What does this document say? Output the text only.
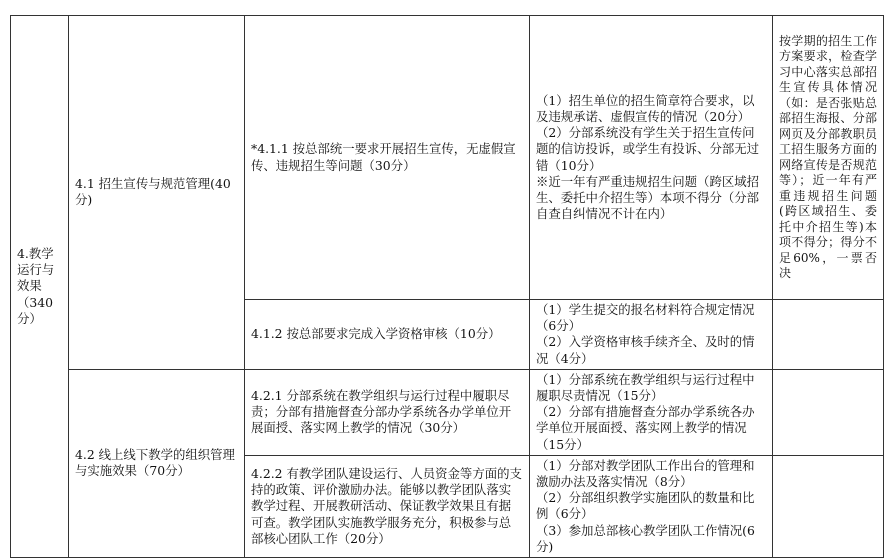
4.教学运行与效果（340分）	4.1 招生宣传与规范管理(40分)	*4.1.1 按总部统一要求开展招生宣传，无虚假宣传、违规招生等问题（30分）	（1）招生单位的招生简章符合要求，以及违规承诺、虚假宣传的情况（20分）
（2）分部系统没有学生关于招生宣传问题的信访投诉，或学生有投诉、分部无过错（10分）
※近一年有严重违规招生问题（跨区域招生、委托中介招生等）本项不得分（分部自查自纠情况不计在内）	按学期的招生工作方案要求，检查学习中心落实总部招生宣传具体情况（如：是否张贴总部招生海报、分部网页及分部教职员工招生服务方面的网络宣传是否规范等）；近一年有严重违规招生问题(跨区域招生、委托中介招生等)本项不得分；得分不足60%，一票否决
		4.1.2 按总部要求完成入学资格审核（10分）	（1）学生提交的报名材料符合规定情况（6分）
（2）入学资格审核手续齐全、及时的情况（4分）	
	4.2 线上线下教学的组织管理与实施效果（70分）	4.2.1 分部系统在教学组织与运行过程中履职尽责；分部有措施督查分部办学系统各办学单位开展面授、落实网上教学的情况（30分）	（1）分部系统在教学组织与运行过程中履职尽责情况（15分）
（2）分部有措施督查分部办学系统各办学单位开展面授、落实网上教学的情况（15分）	
		4.2.2 有教学团队建设运行、人员资金等方面的支持的政策、评价激励办法。能够以教学团队落实教学过程、开展教研活动、保证教学效果且有据可查。教学团队实施教学服务充分，积极参与总部核心团队工作（20分）	（1）分部对教学团队工作出台的管理和激励办法及落实情况（8分）
（2）分部组织教学实施团队的数量和比例（6分）
（3）参加总部核心教学团队工作情况(6分)	
